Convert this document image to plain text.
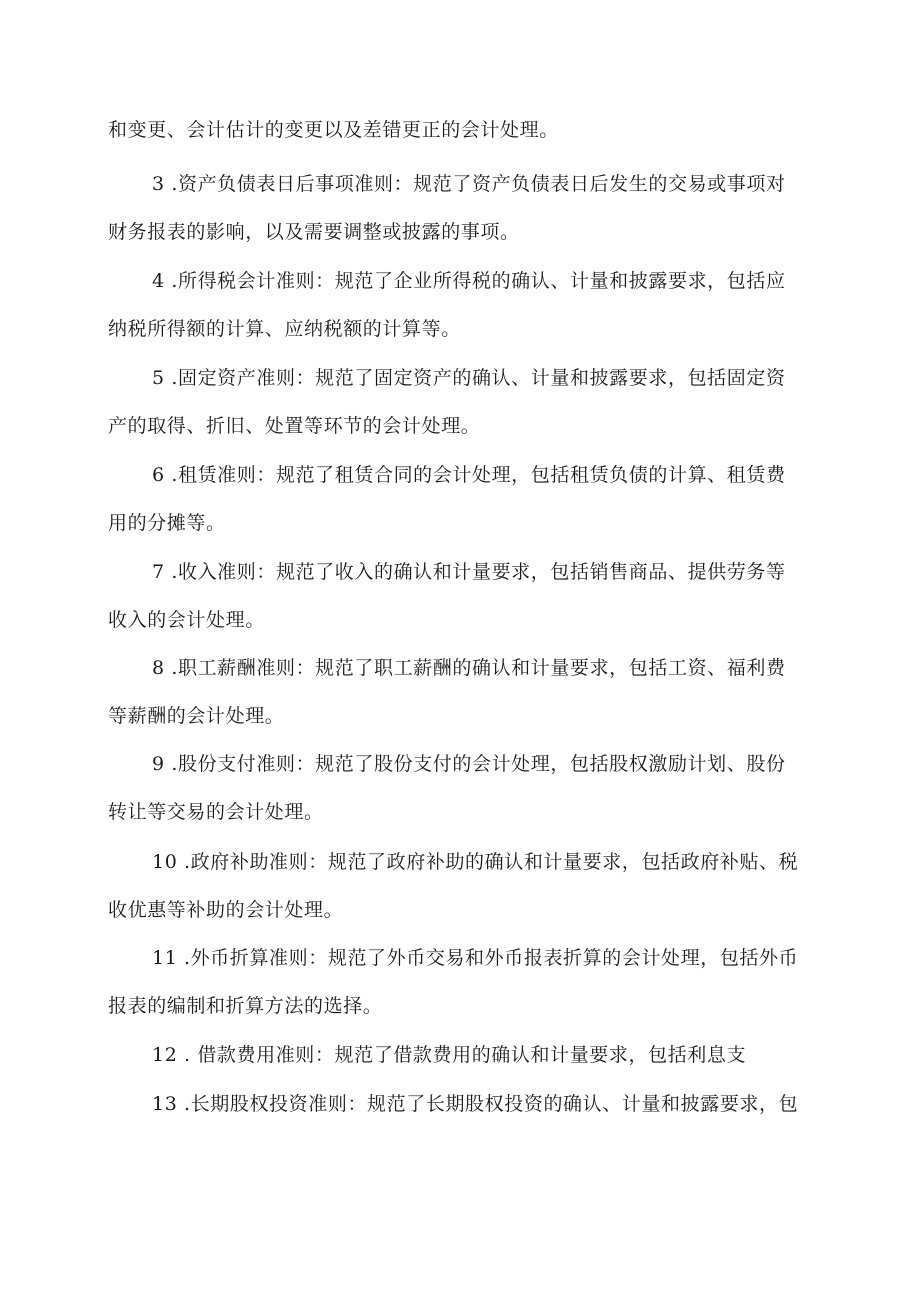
和变更、会计估计的变更以及差错更正的会计处理。
3 .资产负债表日后事项准则：规范了资产负债表日后发生的交易或事项对
财务报表的影响，以及需要调整或披露的事项。
4 .所得税会计准则：规范了企业所得税的确认、计量和披露要求，包括应
纳税所得额的计算、应纳税额的计算等。
5 .固定资产准则：规范了固定资产的确认、计量和披露要求，包括固定资
产的取得、折旧、处置等环节的会计处理。
6 .租赁准则：规范了租赁合同的会计处理，包括租赁负债的计算、租赁费
用的分摊等。
7 .收入准则：规范了收入的确认和计量要求，包括销售商品、提供劳务等
收入的会计处理。
8 .职工薪酬准则：规范了职工薪酬的确认和计量要求，包括工资、福利费
等薪酬的会计处理。
9 .股份支付准则：规范了股份支付的会计处理，包括股权激励计划、股份
转让等交易的会计处理。
10 .政府补助准则：规范了政府补助的确认和计量要求，包括政府补贴、税
收优惠等补助的会计处理。
11 .外币折算准则：规范了外币交易和外币报表折算的会计处理，包括外币
报表的编制和折算方法的选择。
12 . 借款费用准则：规范了借款费用的确认和计量要求，包括利息支
13 .长期股权投资准则：规范了长期股权投资的确认、计量和披露要求，包
